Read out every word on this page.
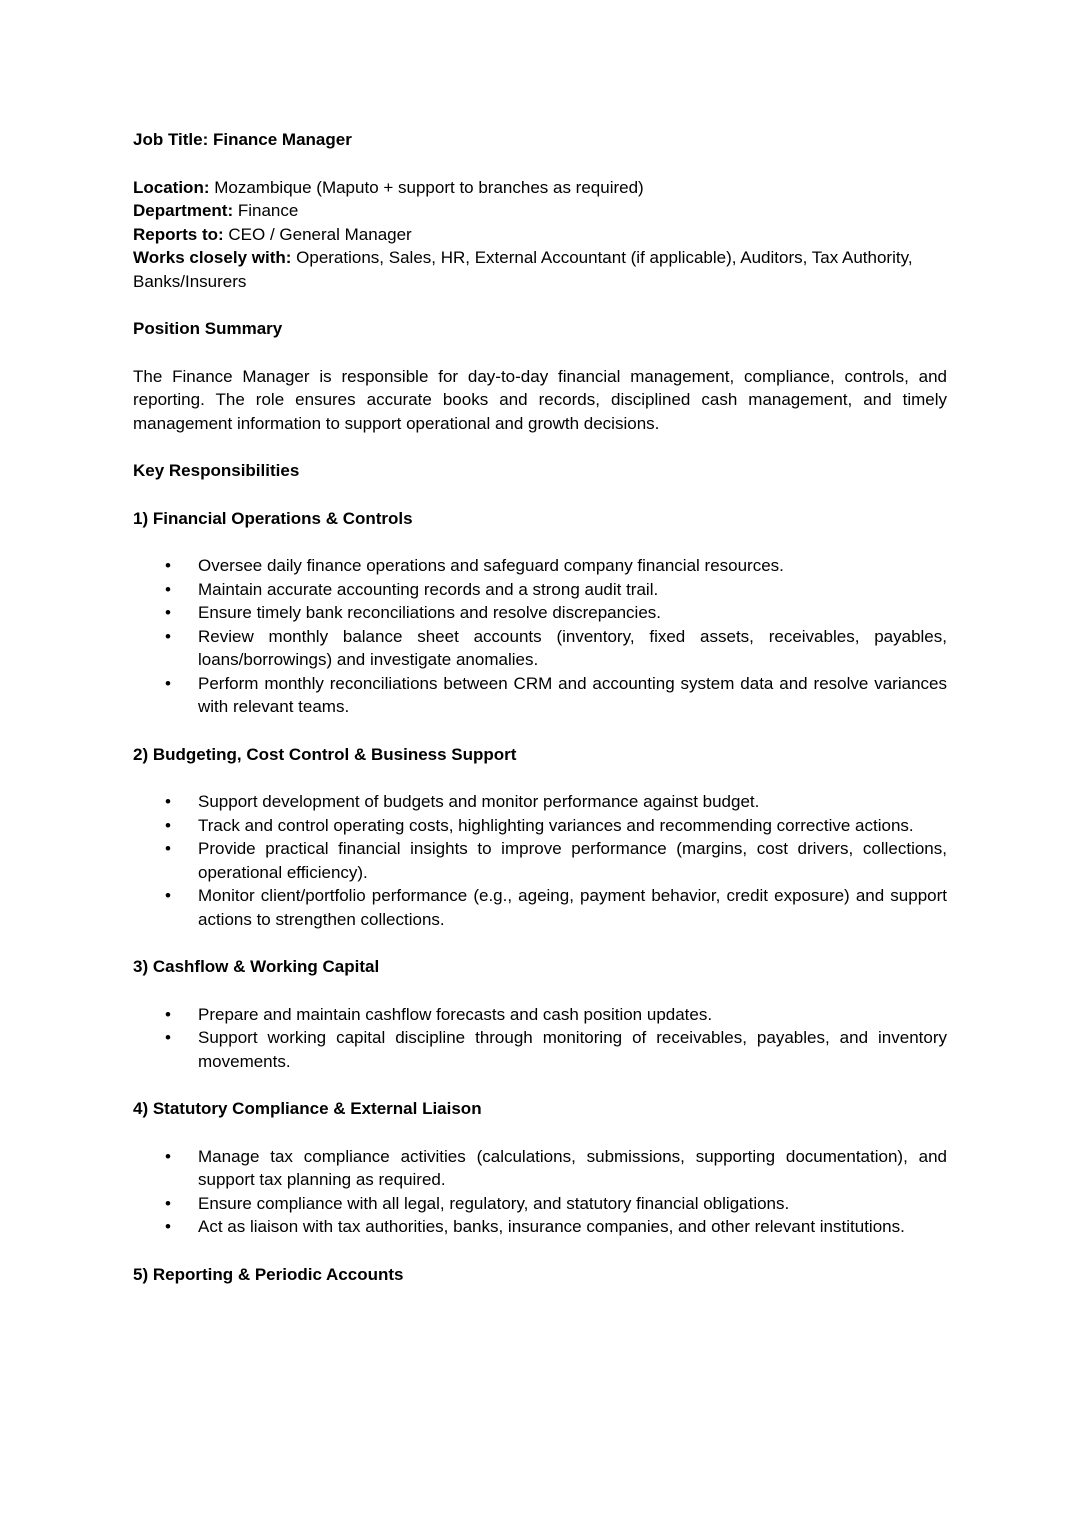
Job Title: Finance Manager

Location: Mozambique (Maputo + support to branches as required)

Department: Finance

Reports to: CEO / General Manager

Works closely with: Operations, Sales, HR, External Accountant (if applicable), Auditors, Tax Authority, Banks/Insurers

Position Summary

The Finance Manager is responsible for day-to-day financial management, compliance, controls, and reporting. The role ensures accurate books and records, disciplined cash management, and timely management information to support operational and growth decisions.

Key Responsibilities
1) Financial Operations & Controls
• Oversee daily finance operations and safeguard company financial resources.
• Maintain accurate accounting records and a strong audit trail.
• Ensure timely bank reconciliations and resolve discrepancies.
• Review monthly balance sheet accounts (inventory, fixed assets, receivables, payables, loans/borrowings) and investigate anomalies.
• Perform monthly reconciliations between CRM and accounting system data and resolve variances with relevant teams.
2) Budgeting, Cost Control & Business Support
• Support development of budgets and monitor performance against budget.
• Track and control operating costs, highlighting variances and recommending corrective actions.
• Provide practical financial insights to improve performance (margins, cost drivers, collections, operational efficiency).
• Monitor client/portfolio performance (e.g., ageing, payment behavior, credit exposure) and support actions to strengthen collections.
3) Cashflow & Working Capital
• Prepare and maintain cashflow forecasts and cash position updates.
• Support working capital discipline through monitoring of receivables, payables, and inventory movements.
4) Statutory Compliance & External Liaison
• Manage tax compliance activities (calculations, submissions, supporting documentation), and support tax planning as required.
• Ensure compliance with all legal, regulatory, and statutory financial obligations.
• Act as liaison with tax authorities, banks, insurance companies, and other relevant institutions.
5) Reporting & Periodic Accounts
